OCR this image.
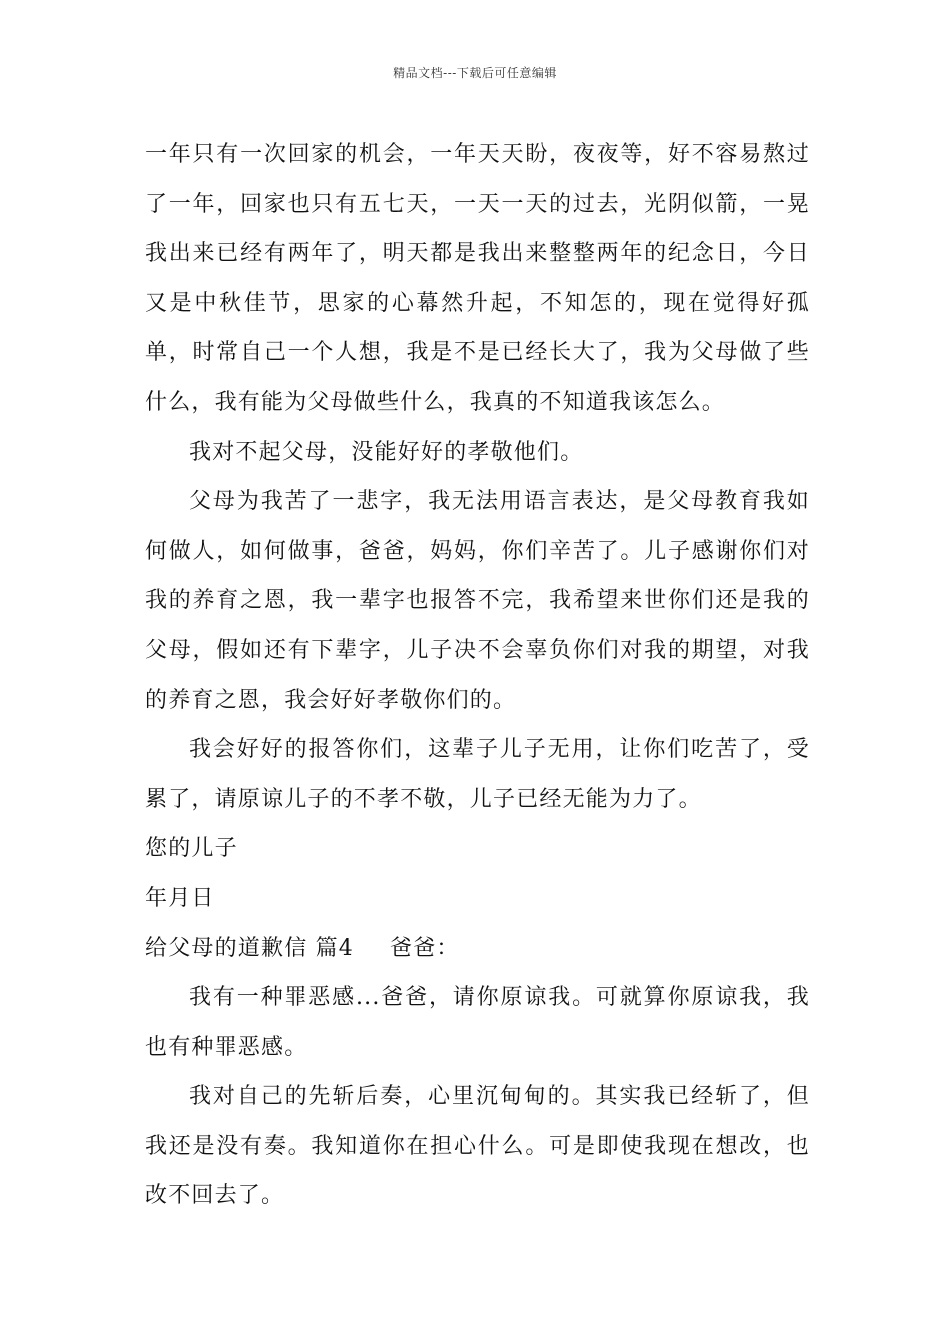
精品文档---下载后可任意编辑

一年只有一次回家的机会，一年天天盼，夜夜等，好不容易熬过了一年，回家也只有五七天，一天一天的过去，光阴似箭，一晃我出来已经有两年了，明天都是我出来整整两年的纪念日，今日又是中秋佳节，思家的心幕然升起，不知怎的，现在觉得好孤单，时常自己一个人想，我是不是已经长大了，我为父母做了些什么，我有能为父母做些什么，我真的不知道我该怎么。

我对不起父母，没能好好的孝敬他们。

父母为我苦了一悲字，我无法用语言表达，是父母教育我如何做人，如何做事，爸爸，妈妈，你们辛苦了。儿子感谢你们对我的养育之恩，我一辈字也报答不完，我希望来世你们还是我的父母，假如还有下辈字，儿子决不会辜负你们对我的期望，对我的养育之恩，我会好好孝敬你们的。

我会好好的报答你们，这辈子儿子无用，让你们吃苦了，受累了，请原谅儿子的不孝不敬，儿子已经无能为力了。

您的儿子

年月日

给父母的道歉信 篇4 爸爸：

我有一种罪恶感...爸爸，请你原谅我。可就算你原谅我，我也有种罪恶感。

我对自己的先斩后奏，心里沉甸甸的。其实我已经斩了，但我还是没有奏。我知道你在担心什么。可是即使我现在想改，也改不回去了。
